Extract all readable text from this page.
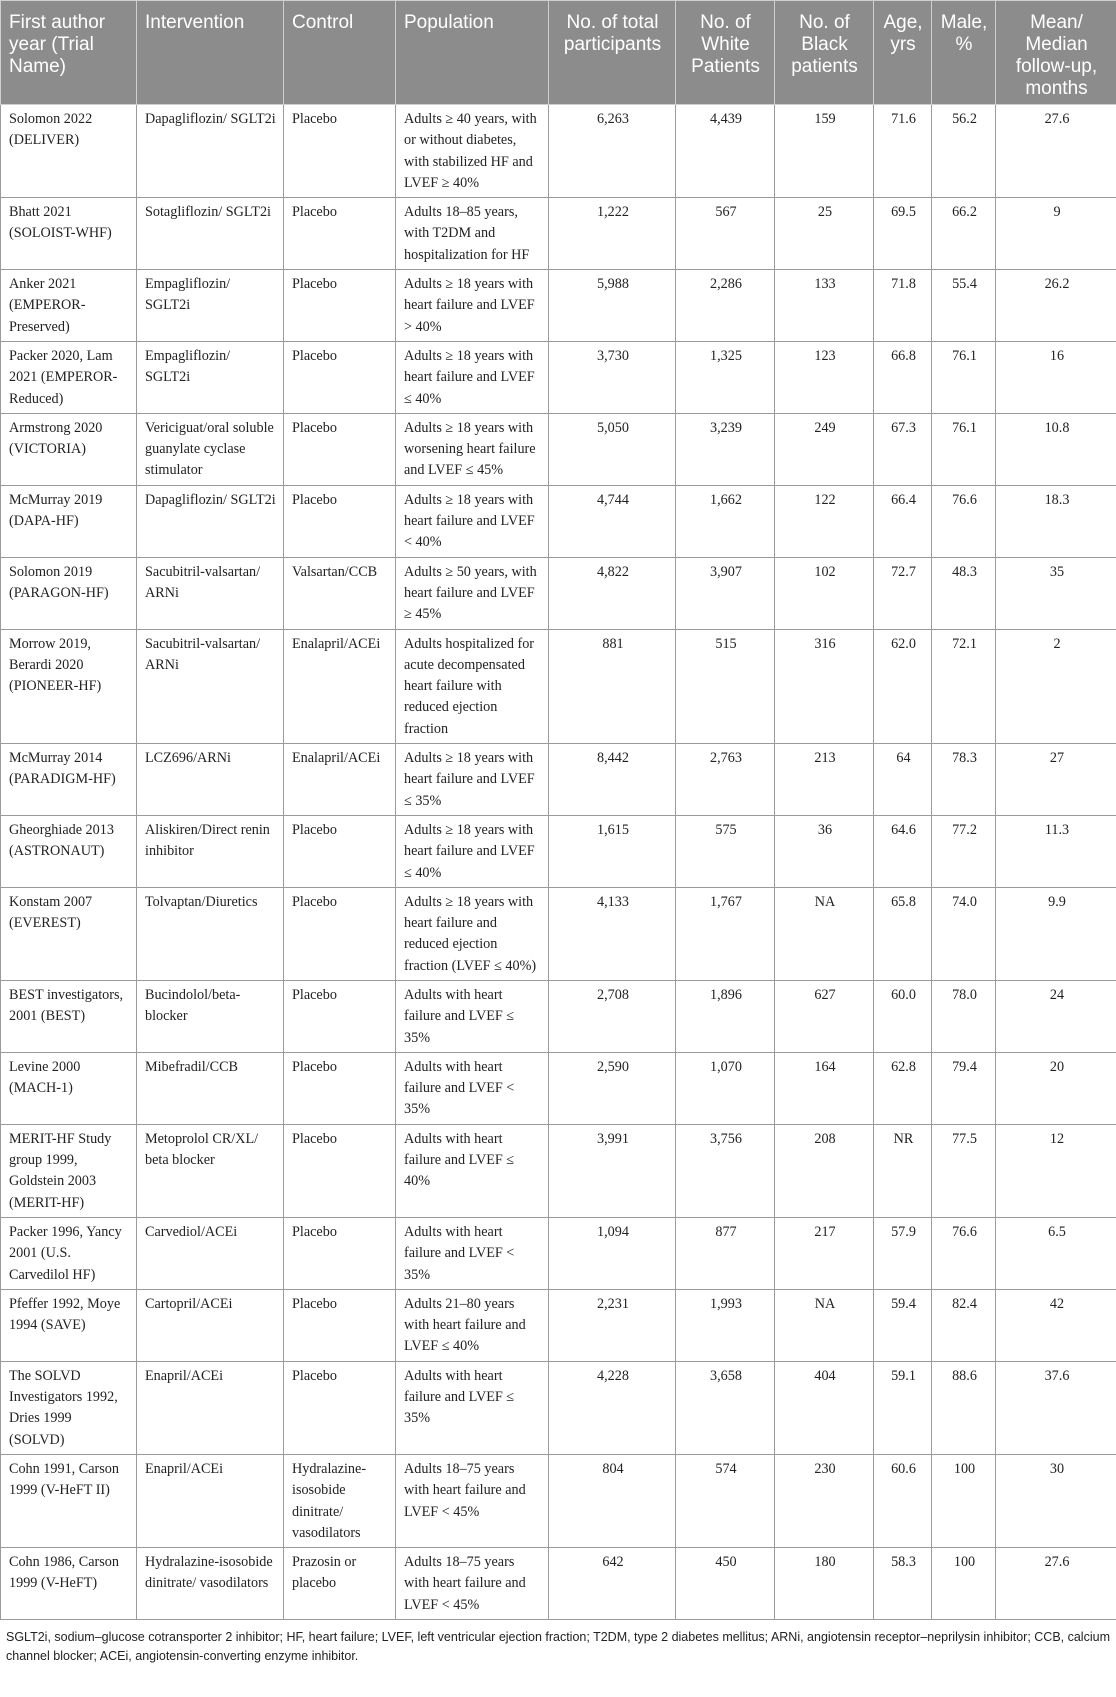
First author year (Trial Name)	Intervention	Control	Population	No. of total participants	No. of White Patients	No. of Black patients	Age, yrs	Male, %	Mean/ Median follow-up, months
Solomon 2022 (DELIVER)	Dapagliflozin/ SGLT2i	Placebo	Adults ≥ 40 years, with or without diabetes, with stabilized HF and LVEF ≥ 40%	6,263	4,439	159	71.6	56.2	27.6
Bhatt 2021 (SOLOIST-WHF)	Sotagliflozin/ SGLT2i	Placebo	Adults 18–85 years, with T2DM and hospitalization for HF	1,222	567	25	69.5	66.2	9
Anker 2021 (EMPEROR-Preserved)	Empagliflozin/ SGLT2i	Placebo	Adults ≥ 18 years with heart failure and LVEF > 40%	5,988	2,286	133	71.8	55.4	26.2
Packer 2020, Lam 2021 (EMPEROR-Reduced)	Empagliflozin/ SGLT2i	Placebo	Adults ≥ 18 years with heart failure and LVEF ≤ 40%	3,730	1,325	123	66.8	76.1	16
Armstrong 2020 (VICTORIA)	Vericiguat/oral soluble guanylate cyclase stimulator	Placebo	Adults ≥ 18 years with worsening heart failure and LVEF ≤ 45%	5,050	3,239	249	67.3	76.1	10.8
McMurray 2019 (DAPA-HF)	Dapagliflozin/ SGLT2i	Placebo	Adults ≥ 18 years with heart failure and LVEF < 40%	4,744	1,662	122	66.4	76.6	18.3
Solomon 2019 (PARAGON-HF)	Sacubitril-valsartan/ ARNi	Valsartan/CCB	Adults ≥ 50 years, with heart failure and LVEF ≥ 45%	4,822	3,907	102	72.7	48.3	35
Morrow 2019, Berardi 2020 (PIONEER-HF)	Sacubitril-valsartan/ ARNi	Enalapril/ACEi	Adults hospitalized for acute decompensated heart failure with reduced ejection fraction	881	515	316	62.0	72.1	2
McMurray 2014 (PARADIGM-HF)	LCZ696/ARNi	Enalapril/ACEi	Adults ≥ 18 years with heart failure and LVEF ≤ 35%	8,442	2,763	213	64	78.3	27
Gheorghiade 2013 (ASTRONAUT)	Aliskiren/Direct renin inhibitor	Placebo	Adults ≥ 18 years with heart failure and LVEF ≤ 40%	1,615	575	36	64.6	77.2	11.3
Konstam 2007 (EVEREST)	Tolvaptan/Diuretics	Placebo	Adults ≥ 18 years with heart failure and reduced ejection fraction (LVEF ≤ 40%)	4,133	1,767	NA	65.8	74.0	9.9
BEST investigators, 2001 (BEST)	Bucindolol/beta-blocker	Placebo	Adults with heart failure and LVEF ≤ 35%	2,708	1,896	627	60.0	78.0	24
Levine 2000 (MACH-1)	Mibefradil/CCB	Placebo	Adults with heart failure and LVEF < 35%	2,590	1,070	164	62.8	79.4	20
MERIT-HF Study group 1999, Goldstein 2003 (MERIT-HF)	Metoprolol CR/XL/ beta blocker	Placebo	Adults with heart failure and LVEF ≤ 40%	3,991	3,756	208	NR	77.5	12
Packer 1996, Yancy 2001 (U.S. Carvedilol HF)	Carvediol/ACEi	Placebo	Adults with heart failure and LVEF < 35%	1,094	877	217	57.9	76.6	6.5
Pfeffer 1992, Moye 1994 (SAVE)	Cartopril/ACEi	Placebo	Adults 21–80 years with heart failure and LVEF ≤ 40%	2,231	1,993	NA	59.4	82.4	42
The SOLVD Investigators 1992, Dries 1999 (SOLVD)	Enapril/ACEi	Placebo	Adults with heart failure and LVEF ≤ 35%	4,228	3,658	404	59.1	88.6	37.6
Cohn 1991, Carson 1999 (V-HeFT II)	Enapril/ACEi	Hydralazine-isosobide dinitrate/ vasodilators	Adults 18–75 years with heart failure and LVEF < 45%	804	574	230	60.6	100	30
Cohn 1986, Carson 1999 (V-HeFT)	Hydralazine-isosobide dinitrate/ vasodilators	Prazosin or placebo	Adults 18–75 years with heart failure and LVEF < 45%	642	450	180	58.3	100	27.6
SGLT2i, sodium–glucose cotransporter 2 inhibitor; HF, heart failure; LVEF, left ventricular ejection fraction; T2DM, type 2 diabetes mellitus; ARNi, angiotensin receptor–neprilysin inhibitor; CCB, calcium channel blocker; ACEi, angiotensin-converting enzyme inhibitor.
